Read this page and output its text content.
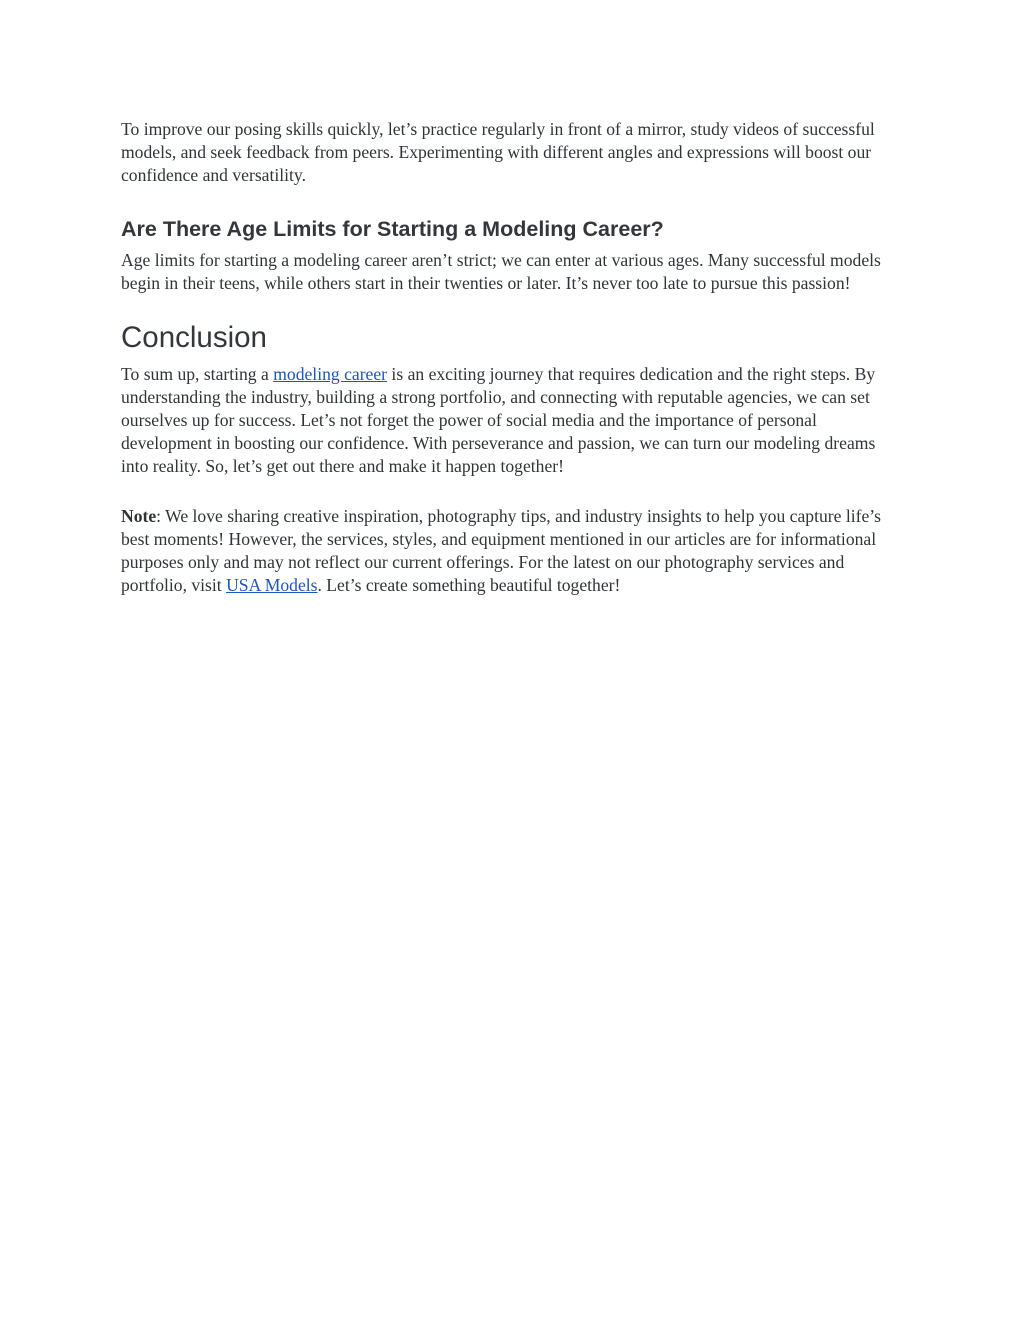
To improve our posing skills quickly, let’s practice regularly in front of a mirror, study videos of successful models, and seek feedback from peers. Experimenting with different angles and expressions will boost our confidence and versatility.

Are There Age Limits for Starting a Modeling Career?

Age limits for starting a modeling career aren’t strict; we can enter at various ages. Many successful models begin in their teens, while others start in their twenties or later. It’s never too late to pursue this passion!

Conclusion

To sum up, starting a modeling career is an exciting journey that requires dedication and the right steps. By understanding the industry, building a strong portfolio, and connecting with reputable agencies, we can set ourselves up for success. Let’s not forget the power of social media and the importance of personal development in boosting our confidence. With perseverance and passion, we can turn our modeling dreams into reality. So, let’s get out there and make it happen together!

Note: We love sharing creative inspiration, photography tips, and industry insights to help you capture life’s best moments! However, the services, styles, and equipment mentioned in our articles are for informational purposes only and may not reflect our current offerings. For the latest on our photography services and portfolio, visit USA Models. Let’s create something beautiful together!
